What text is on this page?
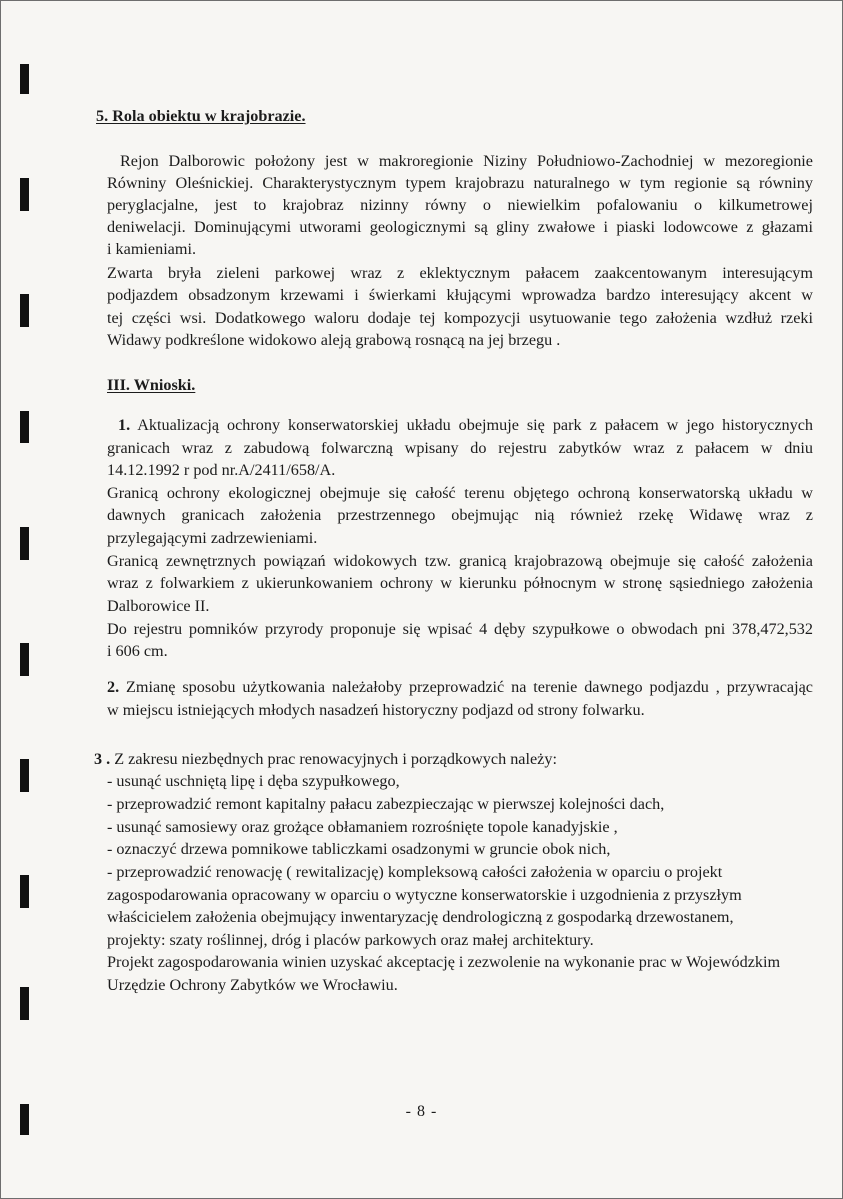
5. Rola obiektu w krajobrazie.
Rejon Dalborowic położony jest w makroregionie Niziny Południowo-Zachodniej w mezoregionie
Równiny Oleśnickiej. Charakterystycznym typem krajobrazu naturalnego w tym regionie są równiny
peryglacjalne, jest to krajobraz nizinny równy o niewielkim pofalowaniu o kilkumetrowej
deniwelacji. Dominującymi utworami geologicznymi są gliny zwałowe i piaski lodowcowe z głazami
i kamieniami.
Zwarta bryła zieleni parkowej wraz z eklektycznym pałacem zaakcentowanym interesującym
podjazdem obsadzonym krzewami i świerkami kłującymi wprowadza bardzo interesujący akcent w
tej części wsi. Dodatkowego waloru dodaje tej kompozycji usytuowanie tego założenia wzdłuż rzeki
Widawy podkreślone widokowo aleją grabową rosnącą na jej brzegu .
III. Wnioski.
1. Aktualizacją ochrony konserwatorskiej układu obejmuje się park z pałacem w jego historycznych
granicach wraz z zabudową folwarczną wpisany do rejestru zabytków wraz z pałacem w dniu
14.12.1992 r pod nr.A/2411/658/A.
Granicą ochrony ekologicznej obejmuje się całość terenu objętego ochroną konserwatorską układu w
dawnych granicach założenia przestrzennego obejmując nią również rzekę Widawę wraz z
przylegającymi zadrzewieniami.
Granicą zewnętrznych powiązań widokowych tzw. granicą krajobrazową obejmuje się całość założenia
wraz z folwarkiem z ukierunkowaniem ochrony w kierunku północnym w stronę sąsiedniego założenia
Dalborowice II.
Do rejestru pomników przyrody proponuje się wpisać 4 dęby szypułkowe o obwodach pni 378,472,532
i 606 cm.
2. Zmianę sposobu użytkowania należałoby przeprowadzić na terenie dawnego podjazdu , przywracając
w miejscu istniejących młodych nasadzeń historyczny podjazd od strony folwarku.
3 . Z zakresu niezbędnych prac renowacyjnych i porządkowych należy:
- usunąć uschniętą lipę i dęba szypułkowego,
- przeprowadzić remont kapitalny pałacu zabezpieczając w pierwszej kolejności dach,
- usunąć samosiewy oraz grożące obłamaniem rozrośnięte topole kanadyjskie ,
- oznaczyć drzewa pomnikowe tabliczkami osadzonymi w gruncie obok nich,
- przeprowadzić renowację ( rewitalizację) kompleksową całości założenia w oparciu o projekt
zagospodarowania opracowany w oparciu o wytyczne konserwatorskie i uzgodnienia z przyszłym
właścicielem założenia obejmujący inwentaryzację dendrologiczną z gospodarką drzewostanem,
projekty: szaty roślinnej, dróg i placów parkowych oraz małej architektury.
Projekt zagospodarowania winien uzyskać akceptację i zezwolenie na wykonanie prac w Wojewódzkim
Urzędzie Ochrony Zabytków we Wrocławiu.
- 8 -
